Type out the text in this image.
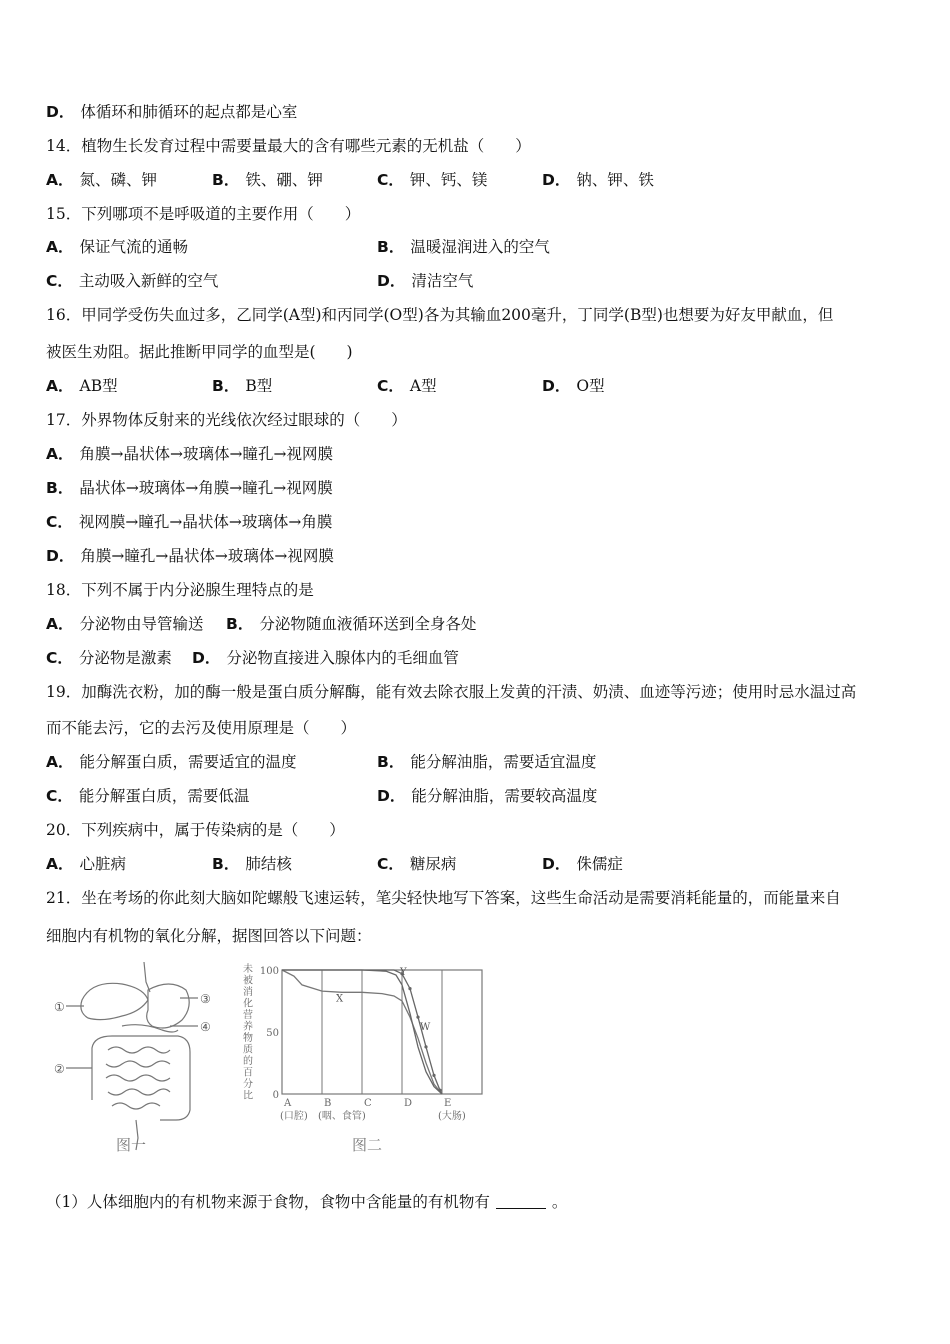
D． 体循环和肺循环的起点都是心室
14．植物生长发育过程中需要量最大的含有哪些元素的无机盐（　　）
A． 氮、磷、钾	B． 铁、硼、钾	C． 钾、钙、镁	D． 钠、钾、铁
15．下列哪项不是呼吸道的主要作用（　　）
A． 保证气流的通畅	B． 温暖湿润进入的空气
C． 主动吸入新鲜的空气	D． 清洁空气
16．甲同学受伤失血过多，乙同学(A型)和丙同学(O型)各为其输血200毫升，丁同学(B型)也想要为好友甲献血，但
被医生劝阻。据此推断甲同学的血型是(　　)
A． AB型	B． B型	C． A型	D． O型
17．外界物体反射来的光线依次经过眼球的（　　）
A． 角膜→晶状体→玻璃体→瞳孔→视网膜
B． 晶状体→玻璃体→角膜→瞳孔→视网膜
C． 视网膜→瞳孔→晶状体→玻璃体→角膜
D． 角膜→瞳孔→晶状体→玻璃体→视网膜
18．下列不属于内分泌腺生理特点的是
A． 分泌物由导管输送 B． 分泌物随血液循环送到全身各处
C． 分泌物是激素 D． 分泌物直接进入腺体内的毛细血管
19．加酶洗衣粉，加的酶一般是蛋白质分解酶，能有效去除衣服上发黄的汗渍、奶渍、血迹等污迹；使用时忌水温过高
而不能去污，它的去污及使用原理是（　　）
A． 能分解蛋白质，需要适宜的温度	B． 能分解油脂，需要适宜温度
C． 能分解蛋白质，需要低温	D． 能分解油脂，需要较高温度
20．下列疾病中，属于传染病的是（　　）
A． 心脏病	B． 肺结核	C． 糖尿病	D． 侏儒症
21．坐在考场的你此刻大脑如陀螺般飞速运转，笔尖轻快地写下答案，这些生命活动是需要消耗能量的，而能量来自
细胞内有机物的氧化分解，据图回答以下问题：
①
②
③
④
图一
未
被
消
化
营
养
物
质
的
百
分
比
100
50
0
A	B	C	D	E
(口腔) (咽、食管)	(大肠)
X
Y
W
图二
（1）人体细胞内的有机物来源于食物，食物中含能量的有机物有	。
